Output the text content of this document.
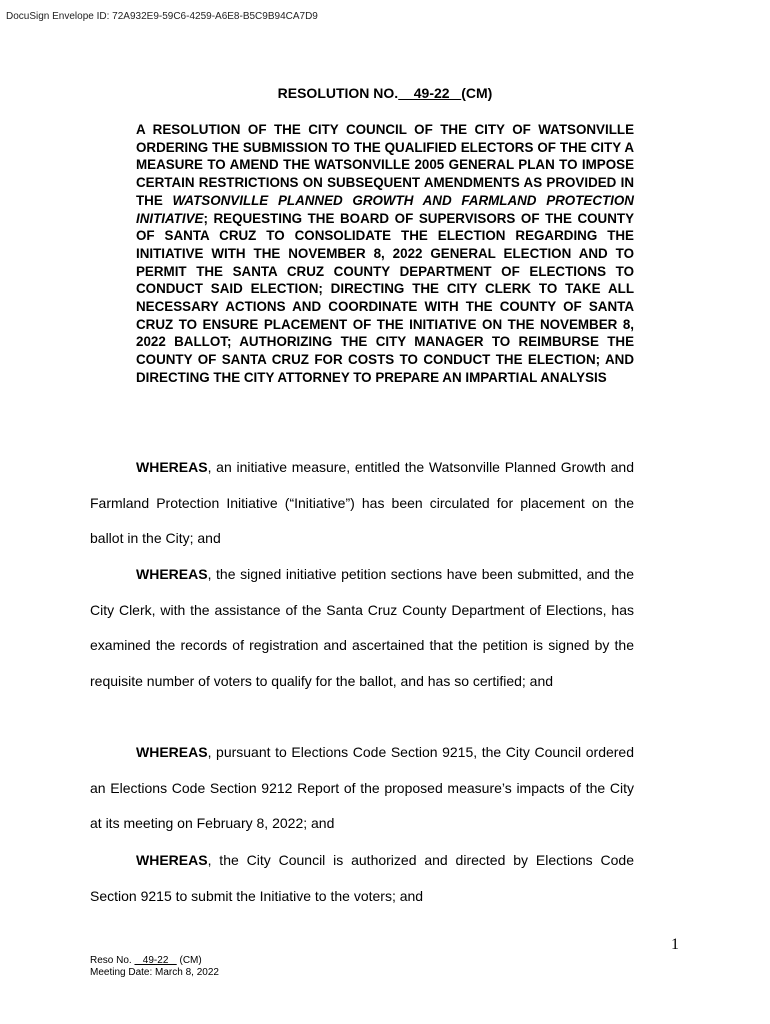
DocuSign Envelope ID: 72A932E9-59C6-4259-A6E8-B5C9B94CA7D9
RESOLUTION NO.    49-22   (CM)
A RESOLUTION OF THE CITY COUNCIL OF THE CITY OF WATSONVILLE ORDERING THE SUBMISSION TO THE QUALIFIED ELECTORS OF THE CITY A MEASURE TO AMEND THE WATSONVILLE 2005 GENERAL PLAN TO IMPOSE CERTAIN RESTRICTIONS ON SUBSEQUENT AMENDMENTS AS PROVIDED IN THE WATSONVILLE PLANNED GROWTH AND FARMLAND PROTECTION INITIATIVE; REQUESTING THE BOARD OF SUPERVISORS OF THE COUNTY OF SANTA CRUZ TO CONSOLIDATE THE ELECTION REGARDING THE INITIATIVE WITH THE NOVEMBER 8, 2022 GENERAL ELECTION AND TO PERMIT THE SANTA CRUZ COUNTY DEPARTMENT OF ELECTIONS TO CONDUCT SAID ELECTION; DIRECTING THE CITY CLERK TO TAKE ALL NECESSARY ACTIONS AND COORDINATE WITH THE COUNTY OF SANTA CRUZ TO ENSURE PLACEMENT OF THE INITIATIVE ON THE NOVEMBER 8, 2022 BALLOT; AUTHORIZING THE CITY MANAGER TO REIMBURSE THE COUNTY OF SANTA CRUZ FOR COSTS TO CONDUCT THE ELECTION; AND DIRECTING THE CITY ATTORNEY TO PREPARE AN IMPARTIAL ANALYSIS
WHEREAS, an initiative measure, entitled the Watsonville Planned Growth and Farmland Protection Initiative (“Initiative”) has been circulated for placement on the ballot in the City; and
WHEREAS, the signed initiative petition sections have been submitted, and the City Clerk, with the assistance of the Santa Cruz County Department of Elections, has examined the records of registration and ascertained that the petition is signed by the requisite number of voters to qualify for the ballot, and has so certified; and
WHEREAS, pursuant to Elections Code Section 9215, the City Council ordered an Elections Code Section 9212 Report of the proposed measure’s impacts of the City at its meeting on February 8, 2022; and
WHEREAS, the City Council is authorized and directed by Elections Code Section 9215 to submit the Initiative to the voters; and
1
Reso No.    49-22    (CM)
Meeting Date: March 8, 2022
